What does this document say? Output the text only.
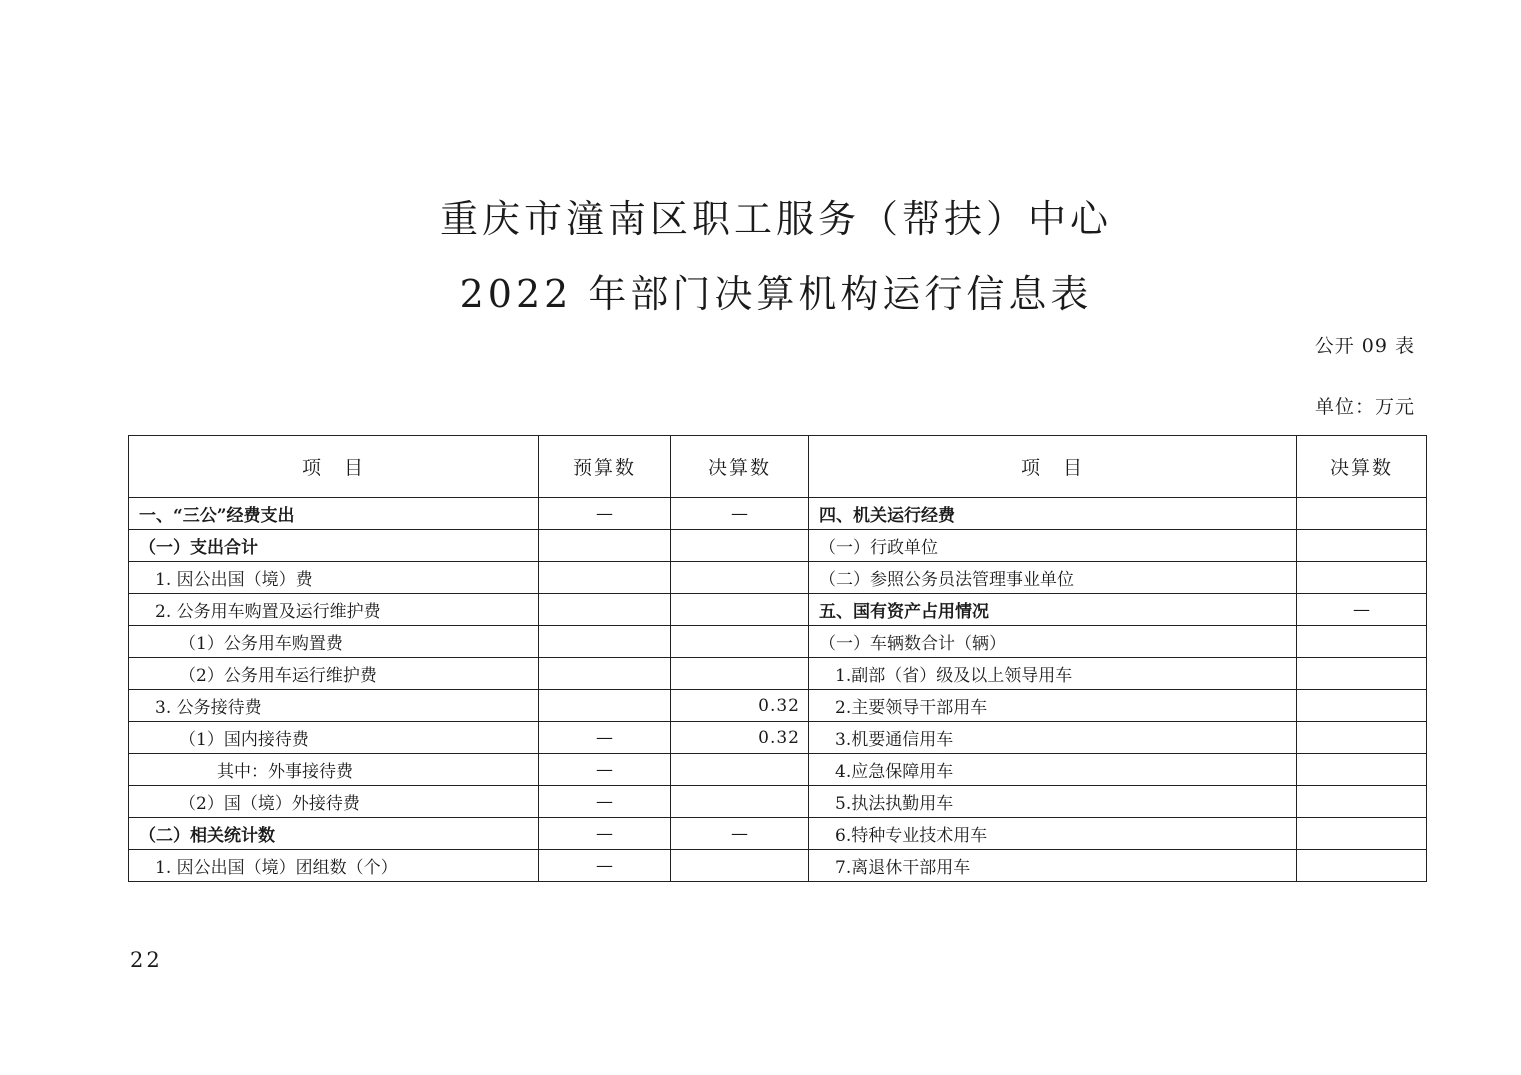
重庆市潼南区职工服务（帮扶）中心
2022 年部门决算机构运行信息表
公开 09 表
单位：万元
项　目	预算数	决算数	项　目	决算数
一、“三公”经费支出	—	—	四、机关运行经费	
（一）支出合计			（一）行政单位	
1. 因公出国（境）费			（二）参照公务员法管理事业单位	
2. 公务用车购置及运行维护费			五、国有资产占用情况	—
（1）公务用车购置费			（一）车辆数合计（辆）	
（2）公务用车运行维护费			1.副部（省）级及以上领导用车	
3. 公务接待费		0.32	2.主要领导干部用车	
（1）国内接待费	—	0.32	3.机要通信用车	
其中：外事接待费	—		4.应急保障用车	
（2）国（境）外接待费	—		5.执法执勤用车	
（二）相关统计数	—	—	6.特种专业技术用车	
1. 因公出国（境）团组数（个）	—		7.离退休干部用车	
22
